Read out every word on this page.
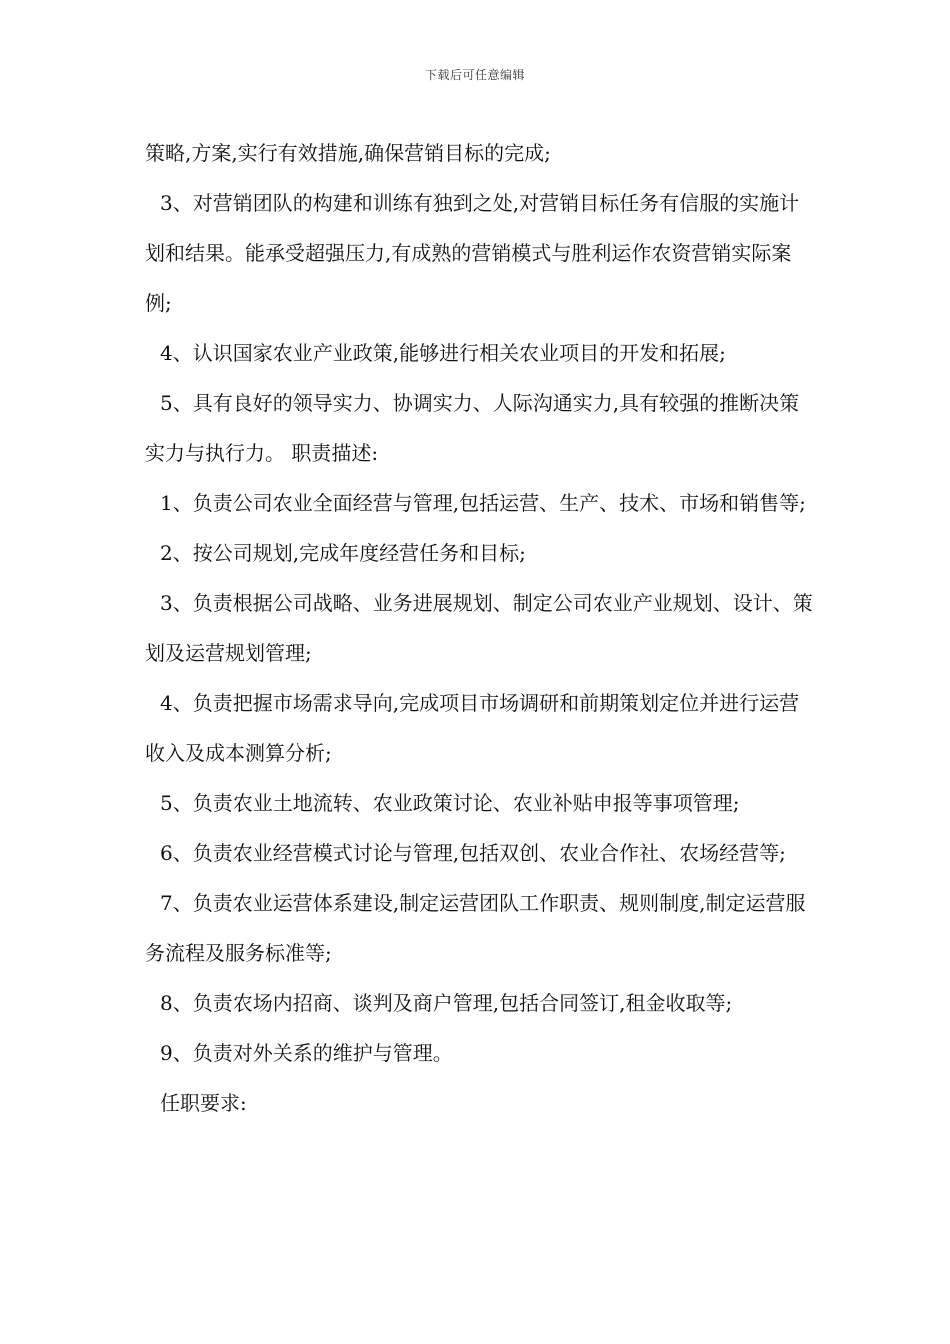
下载后可任意编辑

策略,方案,实行有效措施,确保营销目标的完成;

3、对营销团队的构建和训练有独到之处,对营销目标任务有信服的实施计划和结果。能承受超强压力,有成熟的营销模式与胜利运作农资营销实际案例;

4、认识国家农业产业政策,能够进行相关农业项目的开发和拓展;

5、具有良好的领导实力、协调实力、人际沟通实力,具有较强的推断决策实力与执行力。 职责描述:

1、负责公司农业全面经营与管理,包括运营、生产、技术、市场和销售等;

2、按公司规划,完成年度经营任务和目标;

3、负责根据公司战略、业务进展规划、制定公司农业产业规划、设计、策划及运营规划管理;

4、负责把握市场需求导向,完成项目市场调研和前期策划定位并进行运营收入及成本测算分析;

5、负责农业土地流转、农业政策讨论、农业补贴申报等事项管理;

6、负责农业经营模式讨论与管理,包括双创、农业合作社、农场经营等;

7、负责农业运营体系建设,制定运营团队工作职责、规则制度,制定运营服务流程及服务标准等;

8、负责农场内招商、谈判及商户管理,包括合同签订,租金收取等;

9、负责对外关系的维护与管理。

任职要求:
